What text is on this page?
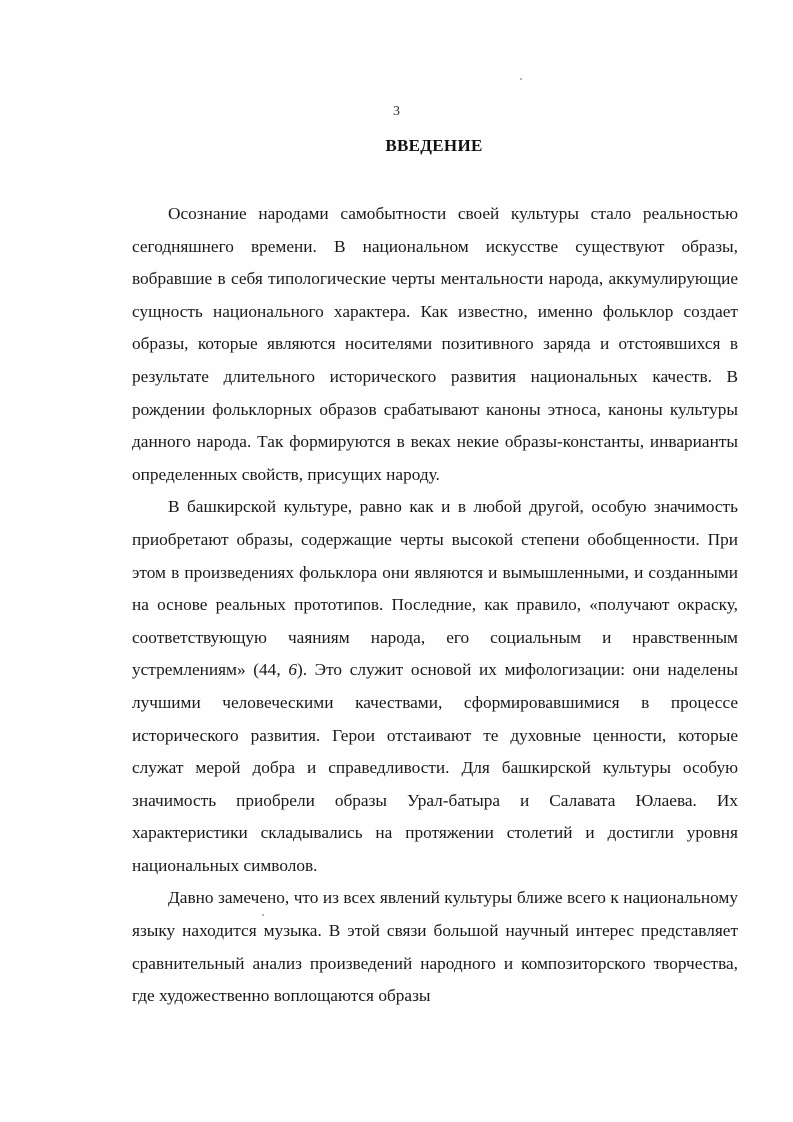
3
ВВЕДЕНИЕ

Осознание народами самобытности своей культуры стало реальностью сегодняшнего времени. В национальном искусстве существуют образы, вобравшие в себя типологические черты ментальности народа, аккумулирующие сущность национального характера. Как известно, именно фольклор создает образы, которые являются носителями позитивного заряда и отстоявшихся в результате длительного исторического развития национальных качеств. В рождении фольклорных образов срабатывают каноны этноса, каноны культуры данного народа. Так формируются в веках некие образы-константы, инварианты определенных свойств, присущих народу.

В башкирской культуре, равно как и в любой другой, особую значимость приобретают образы, содержащие черты высокой степени обобщенности. При этом в произведениях фольклора они являются и вымышленными, и созданными на основе реальных прототипов. Последние, как правило, «получают окраску, соответствующую чаяниям народа, его социальным и нравственным устремлениям» (44, 6). Это служит основой их мифологизации: они наделены лучшими человеческими качествами, сформировавшимися в процессе исторического развития. Герои отстаивают те духовные ценности, которые служат мерой добра и справедливости. Для башкирской культуры особую значимость приобрели образы Урал-батыра и Салавата Юлаева. Их характеристики складывались на протяжении столетий и достигли уровня национальных символов.

Давно замечено, что из всех явлений культуры ближе всего к национальному языку находится музыка. В этой связи большой научный интерес представляет сравнительный анализ произведений народного и композиторского творчества, где художественно воплощаются образы
